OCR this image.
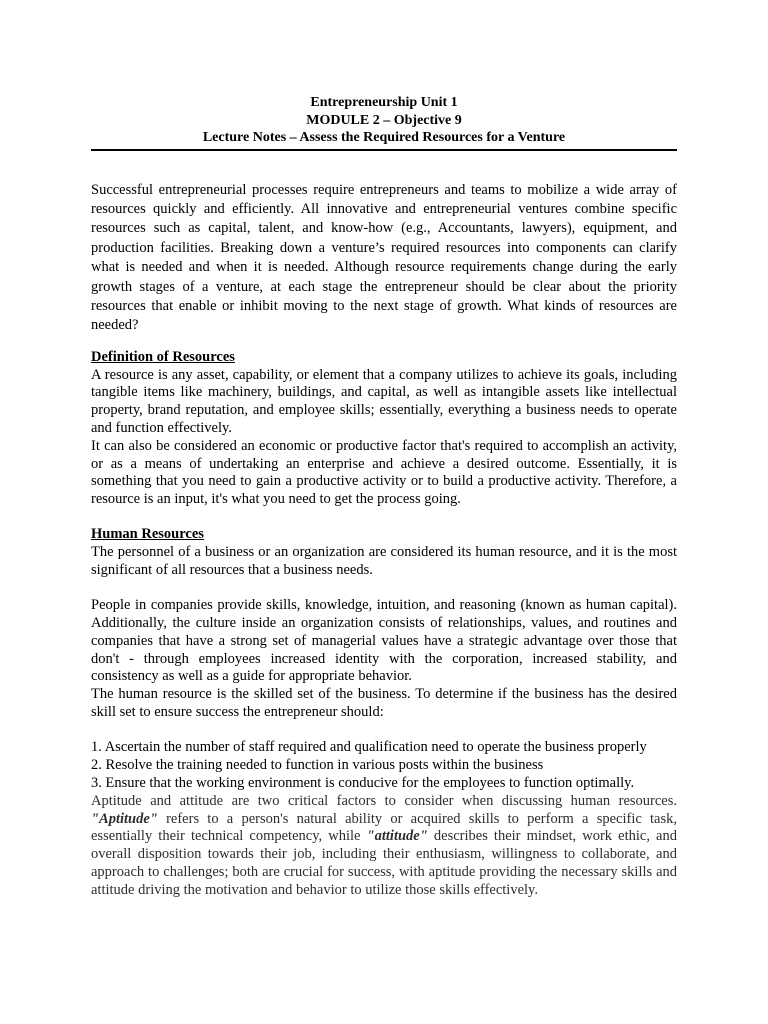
Entrepreneurship Unit 1
MODULE 2 – Objective 9
Lecture Notes – Assess the Required Resources for a Venture

Successful entrepreneurial processes require entrepreneurs and teams to mobilize a wide array of resources quickly and efficiently. All innovative and entrepreneurial ventures combine specific resources such as capital, talent, and know-how (e.g., Accountants, lawyers), equipment, and production facilities. Breaking down a venture’s required resources into components can clarify what is needed and when it is needed. Although resource requirements change during the early growth stages of a venture, at each stage the entrepreneur should be clear about the priority resources that enable or inhibit moving to the next stage of growth. What kinds of resources are needed?

Definition of Resources

A resource is any asset, capability, or element that a company utilizes to achieve its goals, including tangible items like machinery, buildings, and capital, as well as intangible assets like intellectual property, brand reputation, and employee skills; essentially, everything a business needs to operate and function effectively.

It can also be considered an economic or productive factor that's required to accomplish an activity, or as a means of undertaking an enterprise and achieve a desired outcome. Essentially, it is something that you need to gain a productive activity or to build a productive activity. Therefore, a resource is an input, it's what you need to get the process going.

Human Resources

The personnel of a business or an organization are considered its human resource, and it is the most significant of all resources that a business needs.

People in companies provide skills, knowledge, intuition, and reasoning (known as human capital). Additionally, the culture inside an organization consists of relationships, values, and routines and companies that have a strong set of managerial values have a strategic advantage over those that don't - through employees increased identity with the corporation, increased stability, and consistency as well as a guide for appropriate behavior.

The human resource is the skilled set of the business. To determine if the business has the desired skill set to ensure success the entrepreneur should:

1. Ascertain the number of staff required and qualification need to operate the business properly

2. Resolve the training needed to function in various posts within the business

3. Ensure that the working environment is conducive for the employees to function optimally.

Aptitude and attitude are two critical factors to consider when discussing human resources. "Aptitude" refers to a person's natural ability or acquired skills to perform a specific task, essentially their technical competency, while "attitude" describes their mindset, work ethic, and overall disposition towards their job, including their enthusiasm, willingness to collaborate, and approach to challenges; both are crucial for success, with aptitude providing the necessary skills and attitude driving the motivation and behavior to utilize those skills effectively.
